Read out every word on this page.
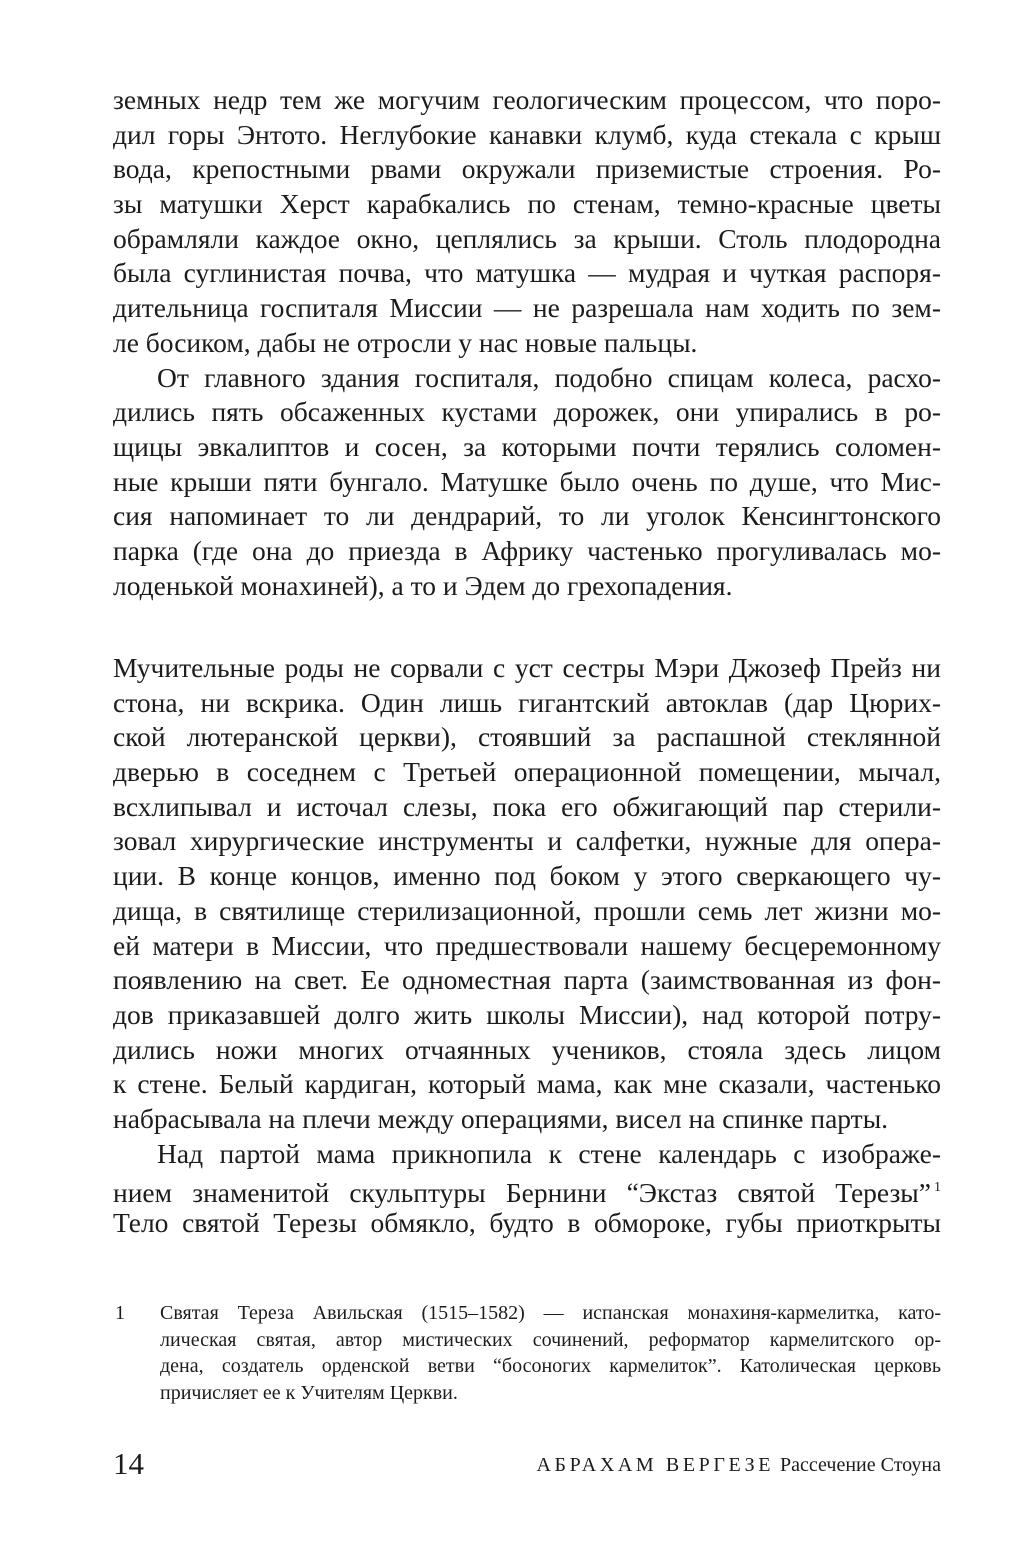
земных недр тем же могучим геологическим процессом, что поро-
дил горы Энтото. Неглубокие канавки клумб, куда стекала с крыш
вода, крепостными рвами окружали приземистые строения. Ро-
зы матушки Херст карабкались по стенам, темно-красные цветы
обрамляли каждое окно, цеплялись за крыши. Столь плодородна
была суглинистая почва, что матушка — мудрая и чуткая распоря-
дительница госпиталя Миссии — не разрешала нам ходить по зем-
ле босиком, дабы не отросли у нас новые пальцы.
От главного здания госпиталя, подобно спицам колеса, расхо-
дились пять обсаженных кустами дорожек, они упирались в ро-
щицы эвкалиптов и сосен, за которыми почти терялись соломен-
ные крыши пяти бунгало. Матушке было очень по душе, что Мис-
сия напоминает то ли дендрарий, то ли уголок Кенсингтонского
парка (где она до приезда в Африку частенько прогуливалась мо-
лоденькой монахиней), а то и Эдем до грехопадения.
Мучительные роды не сорвали с уст сестры Мэри Джозеф Прейз ни
стона, ни вскрика. Один лишь гигантский автоклав (дар Цюрих-
ской лютеранской церкви), стоявший за распашной стеклянной
дверью в соседнем с Третьей операционной помещении, мычал,
всхлипывал и источал слезы, пока его обжигающий пар стерили-
зовал хирургические инструменты и салфетки, нужные для опера-
ции. В конце концов, именно под боком у этого сверкающего чу-
дища, в святилище стерилизационной, прошли семь лет жизни мо-
ей матери в Миссии, что предшествовали нашему бесцеремонному
появлению на свет. Ее одноместная парта (заимствованная из фон-
дов приказавшей долго жить школы Миссии), над которой потру-
дились ножи многих отчаянных учеников, стояла здесь лицом
к стене. Белый кардиган, который мама, как мне сказали, частенько
набрасывала на плечи между операциями, висел на спинке парты.
Над партой мама прикнопила к стене календарь с изображе-
нием знаменитой скульптуры Бернини “Экстаз святой Терезы” $^1$
Тело святой Терезы обмякло, будто в обмороке, губы приоткрыты
1 Святая Тереза Авильская (1515–1582) — испанская монахиня-кармелитка, като-
лическая святая, автор мистических сочинений, реформатор кармелитского ор-
дена, создатель орденской ветви “босоногих кармелиток”. Католическая церковь
причисляет ее к Учителям Церкви.
14	АБРАХАМ ВЕРГЕЗЕ Рассечение Стоуна
